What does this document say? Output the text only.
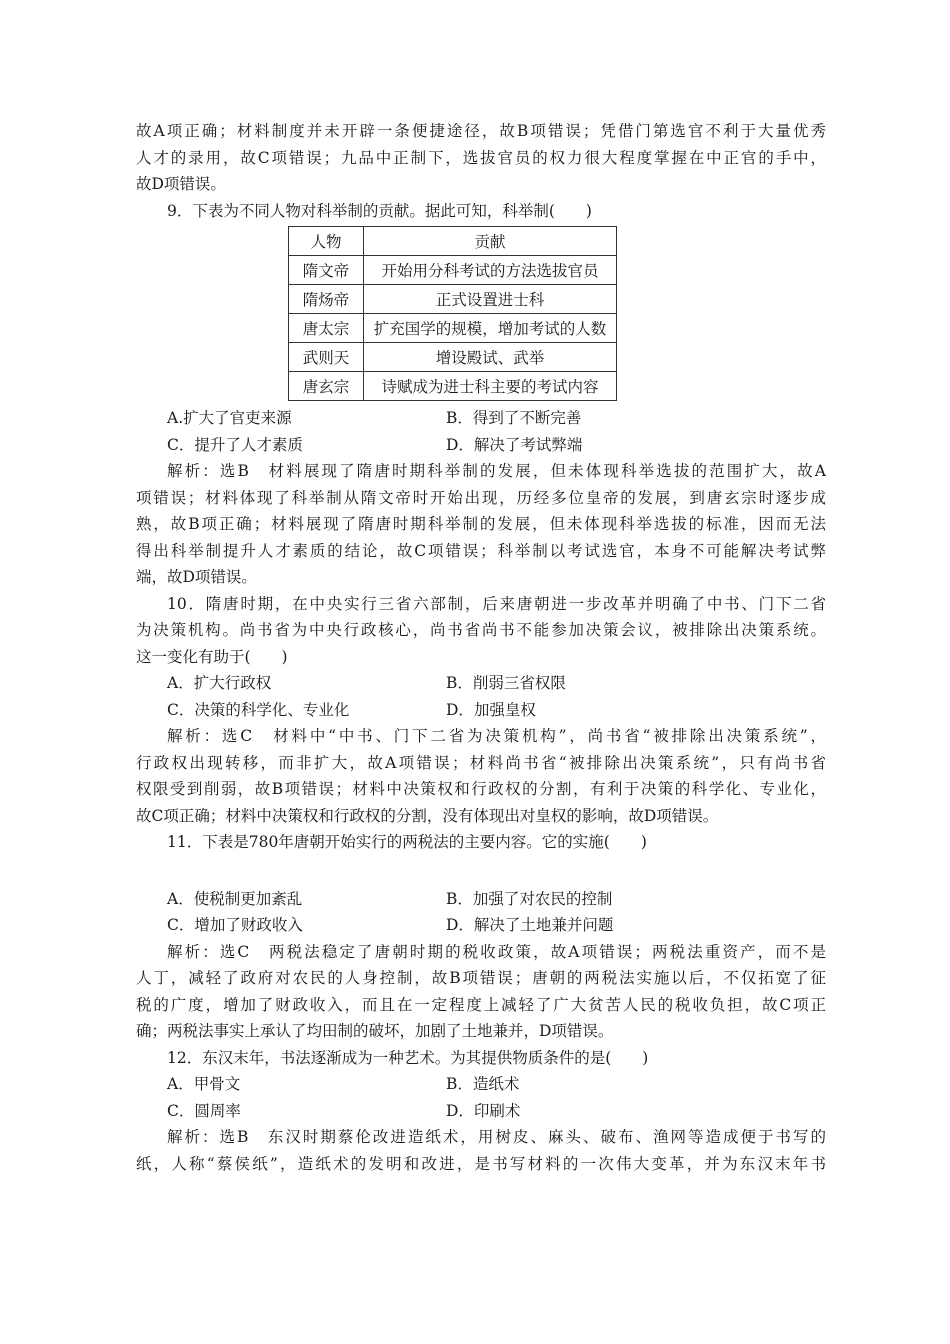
故A项正确；材料制度并未开辟一条便捷途径，故B项错误；凭借门第选官不利于大量优秀
人才的录用，故C项错误；九品中正制下，选拔官员的权力很大程度掌握在中正官的手中，
故D项错误。
9．下表为不同人物对科举制的贡献。据此可知，科举制(　　)
人物	贡献
隋文帝	开始用分科考试的方法选拔官员
隋炀帝	正式设置进士科
唐太宗	扩充国学的规模，增加考试的人数
武则天	增设殿试、武举
唐玄宗	诗赋成为进士科主要的考试内容
A.扩大了官吏来源	B．得到了不断完善
C．提升了人才素质	D．解决了考试弊端
解析：选B　材料展现了隋唐时期科举制的发展，但未体现科举选拔的范围扩大，故A
项错误；材料体现了科举制从隋文帝时开始出现，历经多位皇帝的发展，到唐玄宗时逐步成
熟，故B项正确；材料展现了隋唐时期科举制的发展，但未体现科举选拔的标准，因而无法
得出科举制提升人才素质的结论，故C项错误；科举制以考试选官，本身不可能解决考试弊
端，故D项错误。
10．隋唐时期，在中央实行三省六部制，后来唐朝进一步改革并明确了中书、门下二省
为决策机构。尚书省为中央行政核心，尚书省尚书不能参加决策会议，被排除出决策系统。
这一变化有助于(　　)
A．扩大行政权	B．削弱三省权限
C．决策的科学化、专业化	D．加强皇权
解析：选C　材料中“中书、门下二省为决策机构”，尚书省“被排除出决策系统”，
行政权出现转移，而非扩大，故A项错误；材料尚书省“被排除出决策系统”，只有尚书省
权限受到削弱，故B项错误；材料中决策权和行政权的分割，有利于决策的科学化、专业化，
故C项正确；材料中决策权和行政权的分割，没有体现出对皇权的影响，故D项错误。
11．下表是780年唐朝开始实行的两税法的主要内容。它的实施(　　)
A．使税制更加紊乱	B．加强了对农民的控制
C．增加了财政收入	D．解决了土地兼并问题
解析：选C　两税法稳定了唐朝时期的税收政策，故A项错误；两税法重资产，而不是
人丁，减轻了政府对农民的人身控制，故B项错误；唐朝的两税法实施以后，不仅拓宽了征
税的广度，增加了财政收入，而且在一定程度上减轻了广大贫苦人民的税收负担，故C项正
确；两税法事实上承认了均田制的破坏，加剧了土地兼并，D项错误。
12．东汉末年，书法逐渐成为一种艺术。为其提供物质条件的是(　　)
A．甲骨文	B．造纸术
C．圆周率	D．印刷术
解析：选B　东汉时期蔡伦改进造纸术，用树皮、麻头、破布、渔网等造成便于书写的
纸，人称“蔡侯纸”，造纸术的发明和改进，是书写材料的一次伟大变革，并为东汉末年书
